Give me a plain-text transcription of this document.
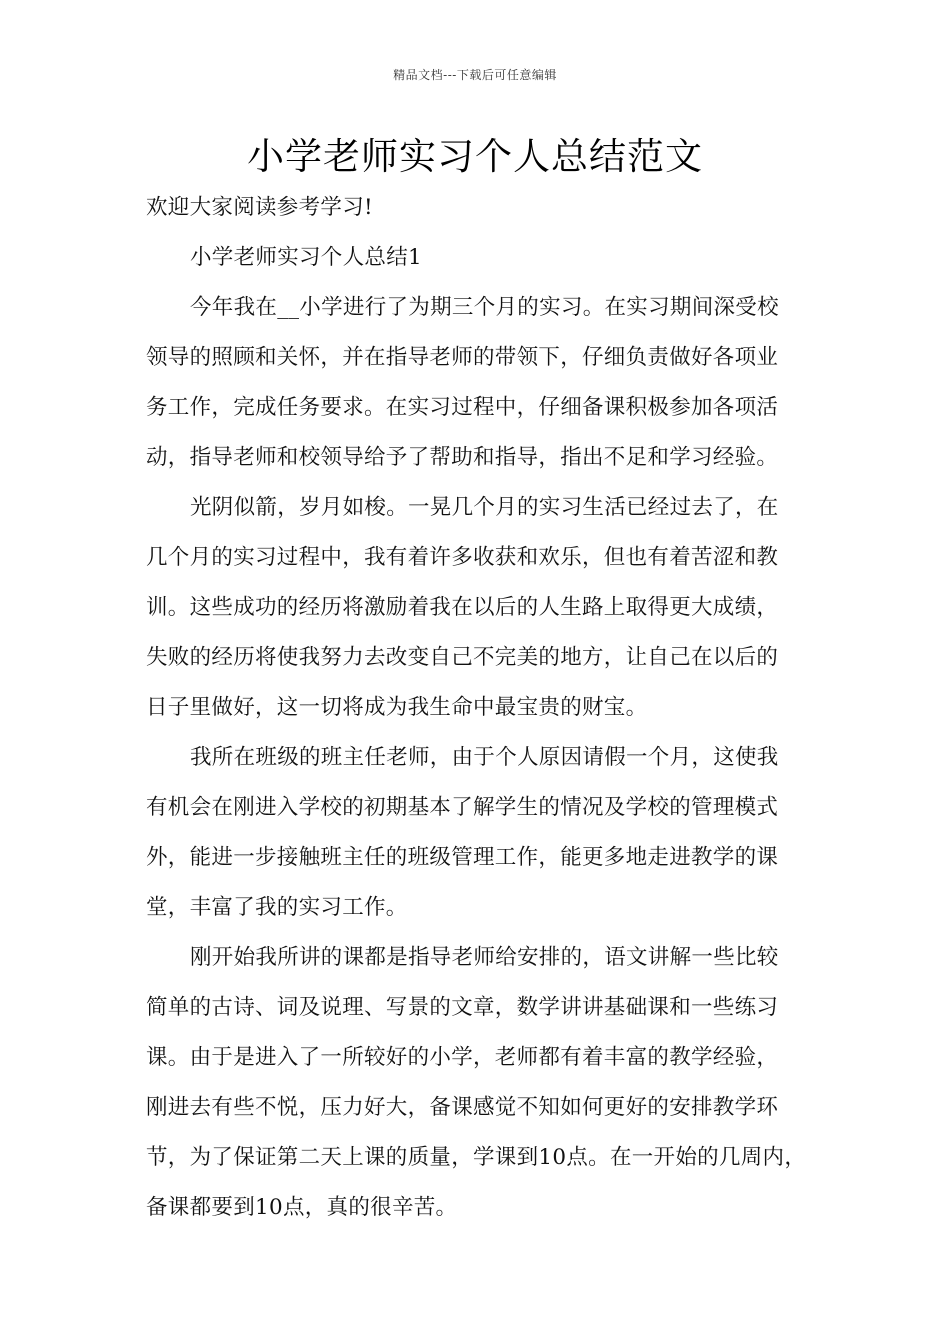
精品文档---下载后可任意编辑
小学老师实习个人总结范文
欢迎大家阅读参考学习!
小学老师实习个人总结1
今年我在__小学进行了为期三个月的实习。在实习期间深受校
领导的照顾和关怀，并在指导老师的带领下，仔细负责做好各项业
务工作，完成任务要求。在实习过程中，仔细备课积极参加各项活
动，指导老师和校领导给予了帮助和指导，指出不足和学习经验。
光阴似箭，岁月如梭。一晃几个月的实习生活已经过去了，在
几个月的实习过程中，我有着许多收获和欢乐，但也有着苦涩和教
训。这些成功的经历将激励着我在以后的人生路上取得更大成绩，
失败的经历将使我努力去改变自己不完美的地方，让自己在以后的
日子里做好，这一切将成为我生命中最宝贵的财宝。
我所在班级的班主任老师，由于个人原因请假一个月，这使我
有机会在刚进入学校的初期基本了解学生的情况及学校的管理模式
外，能进一步接触班主任的班级管理工作，能更多地走进教学的课
堂，丰富了我的实习工作。
刚开始我所讲的课都是指导老师给安排的，语文讲解一些比较
简单的古诗、词及说理、写景的文章，数学讲讲基础课和一些练习
课。由于是进入了一所较好的小学，老师都有着丰富的教学经验，
刚进去有些不悦，压力好大，备课感觉不知如何更好的安排教学环
节，为了保证第二天上课的质量，学课到10点。在一开始的几周内，
备课都要到10点，真的很辛苦。
